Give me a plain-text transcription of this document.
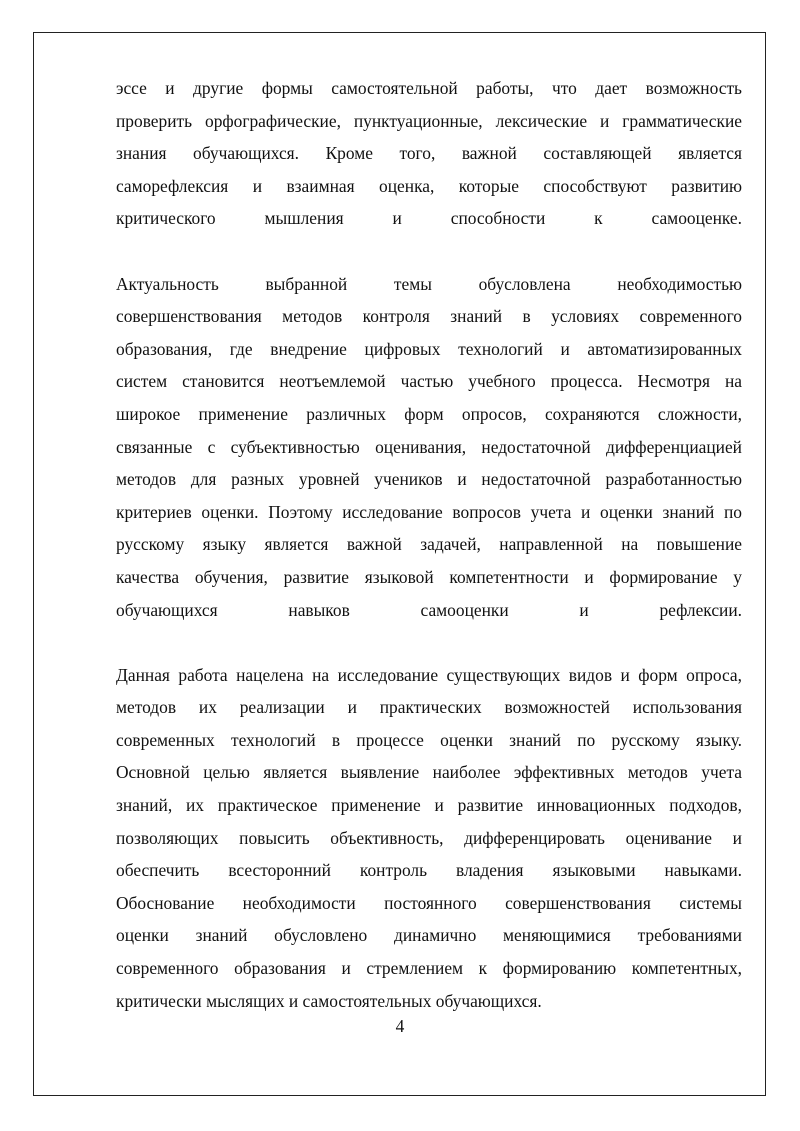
эссе и другие формы самостоятельной работы, что дает возможность
проверить орфографические, пунктуационные, лексические и грамматические
знания обучающихся. Кроме того, важной составляющей является
саморефлексия и взаимная оценка, которые способствуют развитию
критического мышления и способности к самооценке.
Актуальность выбранной темы обусловлена необходимостью
совершенствования методов контроля знаний в условиях современного
образования, где внедрение цифровых технологий и автоматизированных
систем становится неотъемлемой частью учебного процесса. Несмотря на
широкое применение различных форм опросов, сохраняются сложности,
связанные с субъективностью оценивания, недостаточной дифференциацией
методов для разных уровней учеников и недостаточной разработанностью
критериев оценки. Поэтому исследование вопросов учета и оценки знаний по
русскому языку является важной задачей, направленной на повышение
качества обучения, развитие языковой компетентности и формирование у
обучающихся навыков самооценки и рефлексии.
Данная работа нацелена на исследование существующих видов и форм опроса,
методов их реализации и практических возможностей использования
современных технологий в процессе оценки знаний по русскому языку.
Основной целью является выявление наиболее эффективных методов учета
знаний, их практическое применение и развитие инновационных подходов,
позволяющих повысить объективность, дифференцировать оценивание и
обеспечить всесторонний контроль владения языковыми навыками.
Обоснование необходимости постоянного совершенствования системы
оценки знаний обусловлено динамично меняющимися требованиями
современного образования и стремлением к формированию компетентных,
критически мыслящих и самостоятельных обучающихся.
4
